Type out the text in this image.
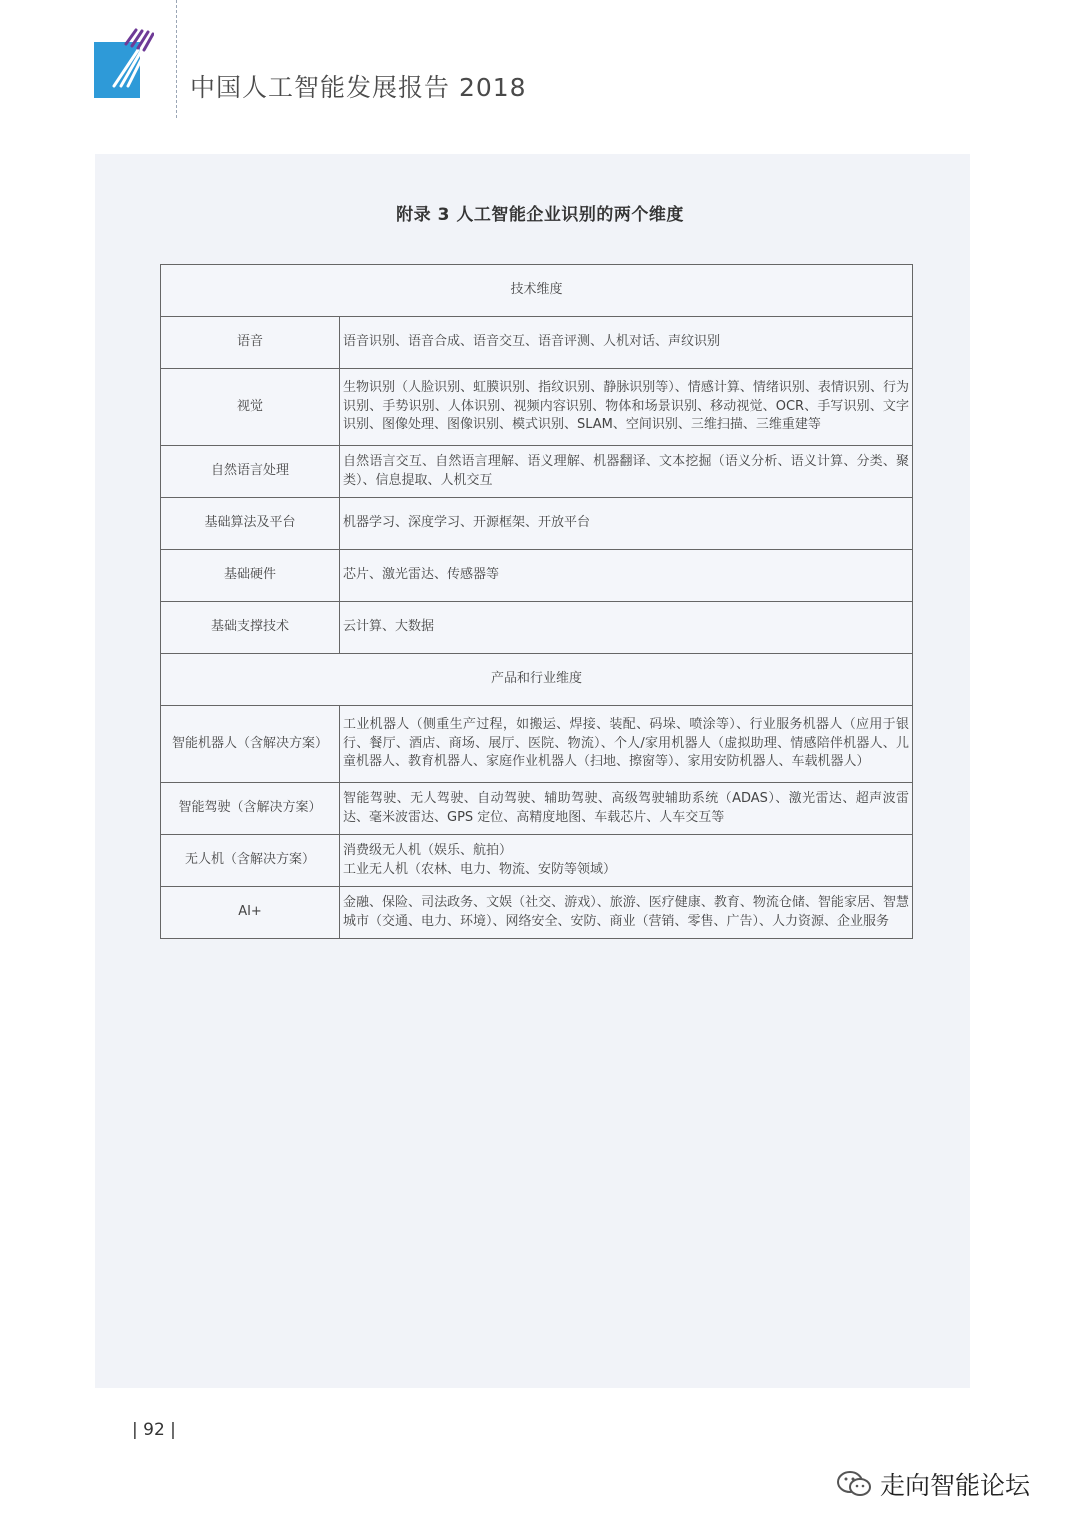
中国人工智能发展报告 2018
附录 3 人工智能企业识别的两个维度
技术维度	
语音	语音识别、语音合成、语音交互、语音评测、人机对话、声纹识别
视觉	生物识别（人脸识别、虹膜识别、指纹识别、静脉识别等）、情感计算、情绪识别、表情识别、行为识别、手势识别、人体识别、视频内容识别、物体和场景识别、移动视觉、OCR、手写识别、文字识别、图像处理、图像识别、模式识别、SLAM、空间识别、三维扫描、三维重建等
自然语言处理	自然语言交互、自然语言理解、语义理解、机器翻译、文本挖掘（语义分析、语义计算、分类、聚类）、信息提取、人机交互
基础算法及平台	机器学习、深度学习、开源框架、开放平台
基础硬件	芯片、激光雷达、传感器等
基础支撑技术	云计算、大数据
产品和行业维度	
智能机器人（含解决方案）	工业机器人（侧重生产过程，如搬运、焊接、装配、码垛、喷涂等）、行业服务机器人（应用于银行、餐厅、酒店、商场、展厅、医院、物流）、个人/家用机器人（虚拟助理、情感陪伴机器人、儿童机器人、教育机器人、家庭作业机器人（扫地、擦窗等）、家用安防机器人、车载机器人）
智能驾驶（含解决方案）	智能驾驶、无人驾驶、自动驾驶、辅助驾驶、高级驾驶辅助系统（ADAS）、激光雷达、超声波雷达、毫米波雷达、GPS 定位、高精度地图、车载芯片、人车交互等
无人机（含解决方案）	消费级无人机（娱乐、航拍）
工业无人机（农林、电力、物流、安防等领域）

AI+	金融、保险、司法政务、文娱（社交、游戏）、旅游、医疗健康、教育、物流仓储、智能家居、智慧城市（交通、电力、环境）、网络安全、安防、商业（营销、零售、广告）、人力资源、企业服务
| 92 |
走向智能论坛
